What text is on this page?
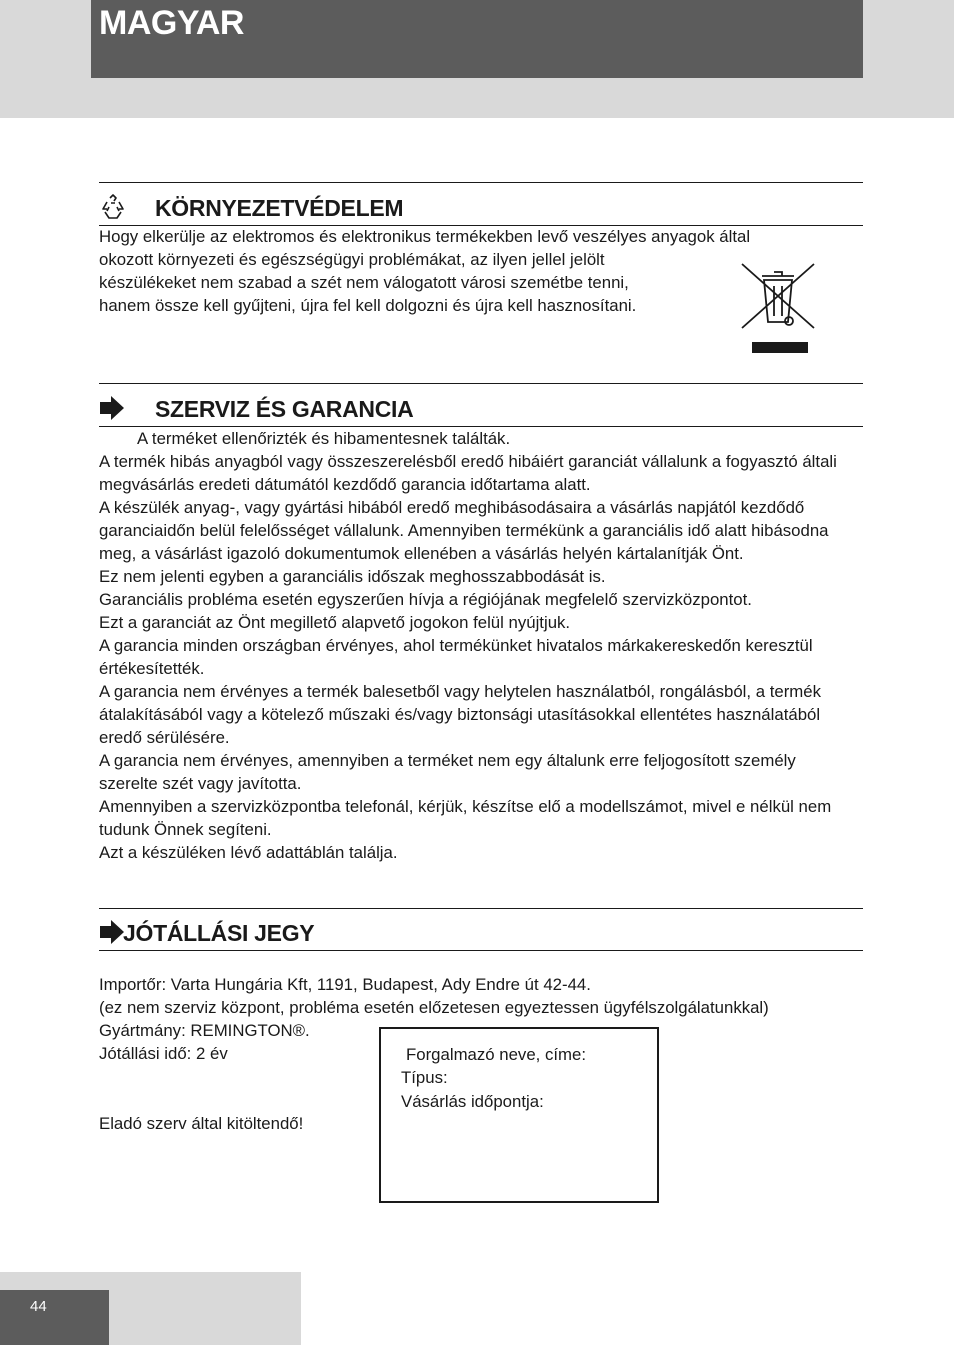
MAGYAR
KÖRNYEZETVÉDELEM

Hogy elkerülje az elektromos és elektronikus termékekben levő veszélyes anyagok által

okozott környezeti és egészségügyi problémákat, az ilyen jellel jelölt

készülékeket nem szabad a szét nem válogatott városi szemétbe tenni,

hanem össze kell gyűjteni, újra fel kell dolgozni és újra kell hasznosítani.

SZERVIZ ÉS GARANCIA

A terméket ellenőrizték és hibamentesnek találták.

A termék hibás anyagból vagy összeszerelésből eredő hibáiért garanciát vállalunk a fogyasztó általi megvásárlás eredeti dátumától kezdődő garancia időtartama alatt.

A készülék anyag-, vagy gyártási hibából eredő meghibásodásaira a vásárlás napjától kezdődő garanciaidőn belül felelősséget vállalunk. Amennyiben termékünk a garanciális idő alatt hibásodna meg, a vásárlást igazoló dokumentumok ellenében a vásárlás helyén kártalanítják Önt.

Ez nem jelenti egyben a garanciális időszak meghosszabbodását is.

Garanciális probléma esetén egyszerűen hívja a régiójának megfelelő szervizközpontot.

Ezt a garanciát az Önt megillető alapvető jogokon felül nyújtjuk.

A garancia minden országban érvényes, ahol termékünket hivatalos márkakereskedőn keresztül értékesítették.

A garancia nem érvényes a termék balesetből vagy helytelen használatból, rongálásból, a termék átalakításából vagy a kötelező műszaki és/vagy biztonsági utasításokkal ellentétes használatából eredő sérülésére.

A garancia nem érvényes, amennyiben a terméket nem egy általunk erre feljogosított személy szerelte szét vagy javította.

Amennyiben a szervizközpontba telefonál, kérjük, készítse elő a modellszámot, mivel e nélkül nem tudunk Önnek segíteni.

Azt a készüléken lévő adattáblán találja.

JÓTÁLLÁSI JEGY
Importőr: Varta Hungária Kft, 1191, Budapest, Ady Endre út 42-44.
(ez nem szerviz központ, probléma esetén előzetesen egyeztessen ügyfélszolgálatunkkal)
Gyártmány: REMINGTON®.
Jótállási idő: 2 év
Eladó szerv által kitöltendő!
Forgalmazó neve, címe:
Típus:
Vásárlás időpontja:
44
